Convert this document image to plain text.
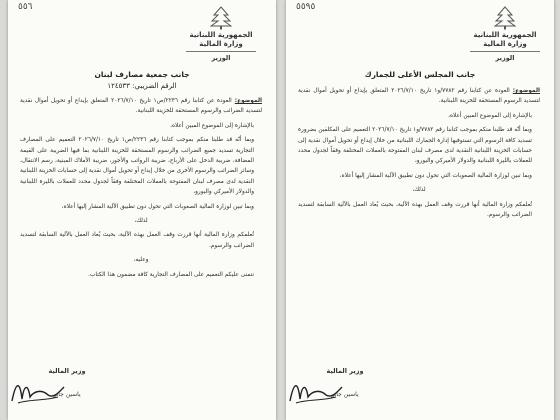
٥٥٦
الجمهورية اللبنانية
وزارة المالية
الوزير
جانب جمعية مصارف لبنان
الرقم الضريبي: ١٢٤٥٣٣

الموضوع:العودة عن كتابنا رقم ٢٢٣٦/ص١ تاريخ ٢٠٢٦/٧/١٠ المتعلق بإيداع أو تحويل أموال نقدية لتسديد الضرائب والرسوم المستحقة للخزينة اللبنانية.

بالإشارة إلى الموضوع المبين أعلاه،

وبما أنّه قد طلبنا منكم بموجب كتابنا رقم ٢٢٣٦/ص١ تاريخ ٢٠٢٦/٧/١٠ التعميم على المصارف التجارية تسديد جميع الضرائب والرسوم المستحقة للخزينة اللبنانية بما فيها الضريبة على القيمة المضافة، ضريبة الدخل على الأرباح، ضريبة الرواتب والأجور، ضريبة الأملاك المبنية، رسم الانتقال، وسائر الضرائب والرسوم الأخرى من خلال إيداع أو تحويل أموال نقدية إلى حسابات الخزينة اللبنانية النقدية لدى مصرف لبنان المفتوحة بالعملات المختلفة وفقاً لجدول محدد للعملات بالليرة اللبنانية والدولار الأميركي واليورو،

وبما تبين لوزارة المالية الصعوبات التي تحول دون تطبيق الآلية المشار إليها أعلاه،

لذلك،

تُعلمكم وزارة المالية أنها قررت وقف العمل بهذه الآلية، بحيث يُعاد العمل بالآلية السابقة لتسديد الضرائب والرسوم.

وعليه،

نتمنى عليكم التعميم على المصارف التجارية كافة مضمون هذا الكتاب.

وزير المالية
ياسين جابر
٥٥٩٥
الجمهورية اللبنانية
وزارة المالية
الوزير
جانب المجلس الأعلى للجمارك

الموضوع:العودة عن كتابنا رقم ٧٧٨٢/و١ تاريخ ٢٠٢٦/٧/١٠ المتعلق بإيداع أو تحويل أموال نقدية لتسديد الرسوم المستحقة للخزينة اللبنانية.

بالإشارة إلى الموضوع المبين أعلاه،

وبما أنّه قد طلبنا منكم بموجب كتابنا رقم ٧٧٨٢/و١ تاريخ ٢٠٢٦/٧/١٠ التعميم على المكلفين بضرورة تسديد كافة الرسوم التي تستوفيها إدارة الجمارك اللبنانية من خلال إيداع أو تحويل أموال نقدية إلى حسابات الخزينة اللبنانية النقدية لدى مصرف لبنان المفتوحة بالعملات المختلفة وفقاً لجدول محدد للعملات بالليرة اللبنانية والدولار الأميركي واليورو،

وبما تبين لوزارة المالية الصعوبات التي تحول دون تطبيق الآلية المشار إليها أعلاه،

لذلك،

تُعلمكم وزارة المالية أنها قررت وقف العمل بهذه الآلية، بحيث يُعاد العمل بالآلية السابقة لتسديد الضرائب والرسوم.

وزير المالية
ياسين جابر
